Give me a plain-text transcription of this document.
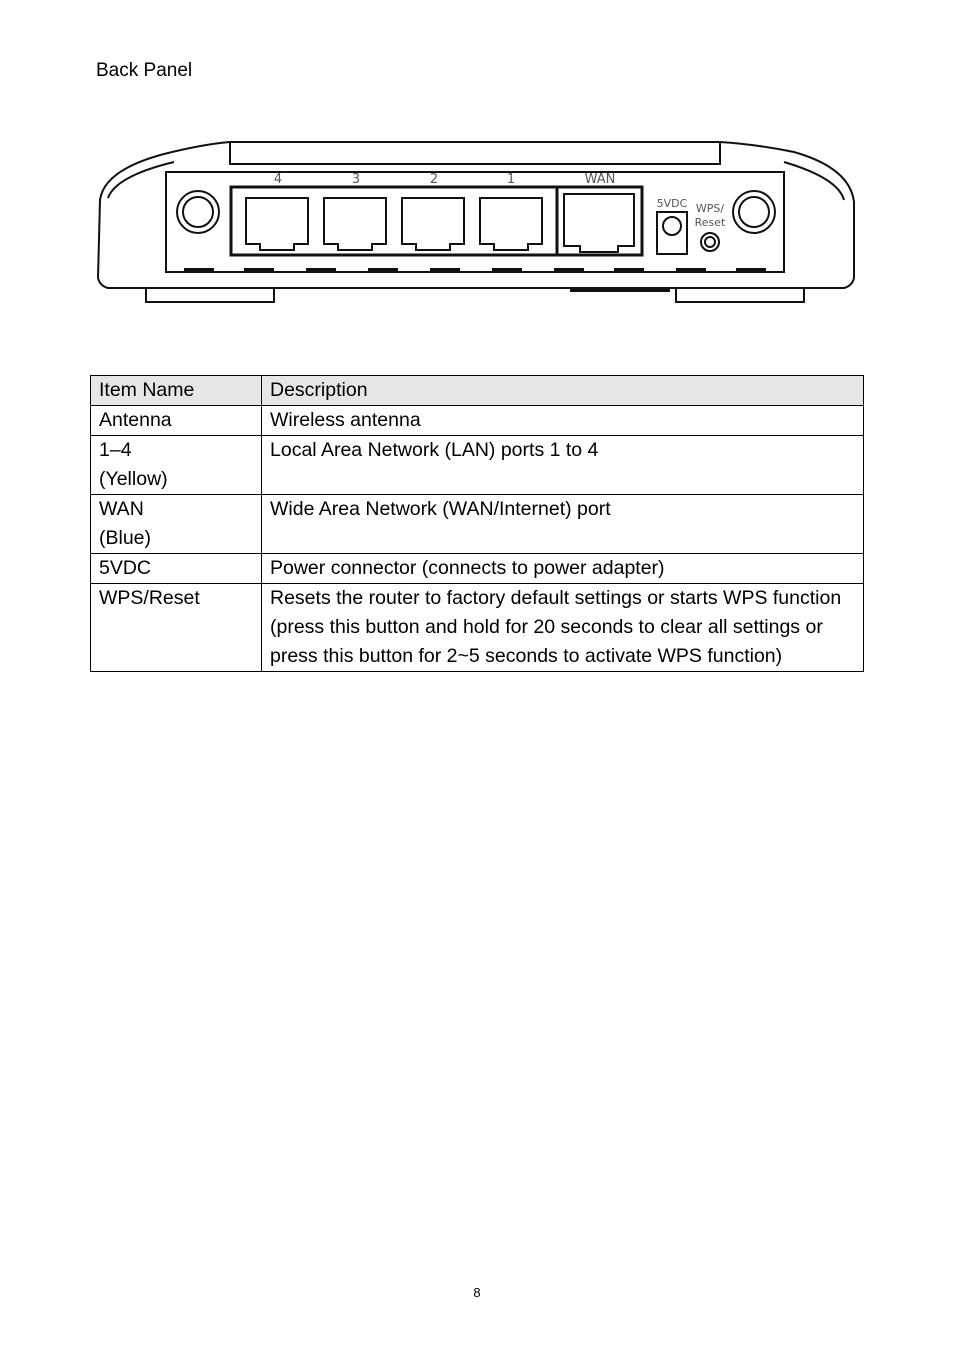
Back Panel
4	3	2	1	WAN
5VDC WPS/
Reset
Item Name	Description
Antenna	Wireless antenna
1–4
(Yellow)	Local Area Network (LAN) ports 1 to 4
WAN
(Blue)	Wide Area Network (WAN/Internet) port
5VDC	Power connector (connects to power adapter)
WPS/Reset	Resets the router to factory default settings or starts WPS function (press this button and hold for 20 seconds to clear all settings or press this button for 2~5 seconds to activate WPS function)
8
